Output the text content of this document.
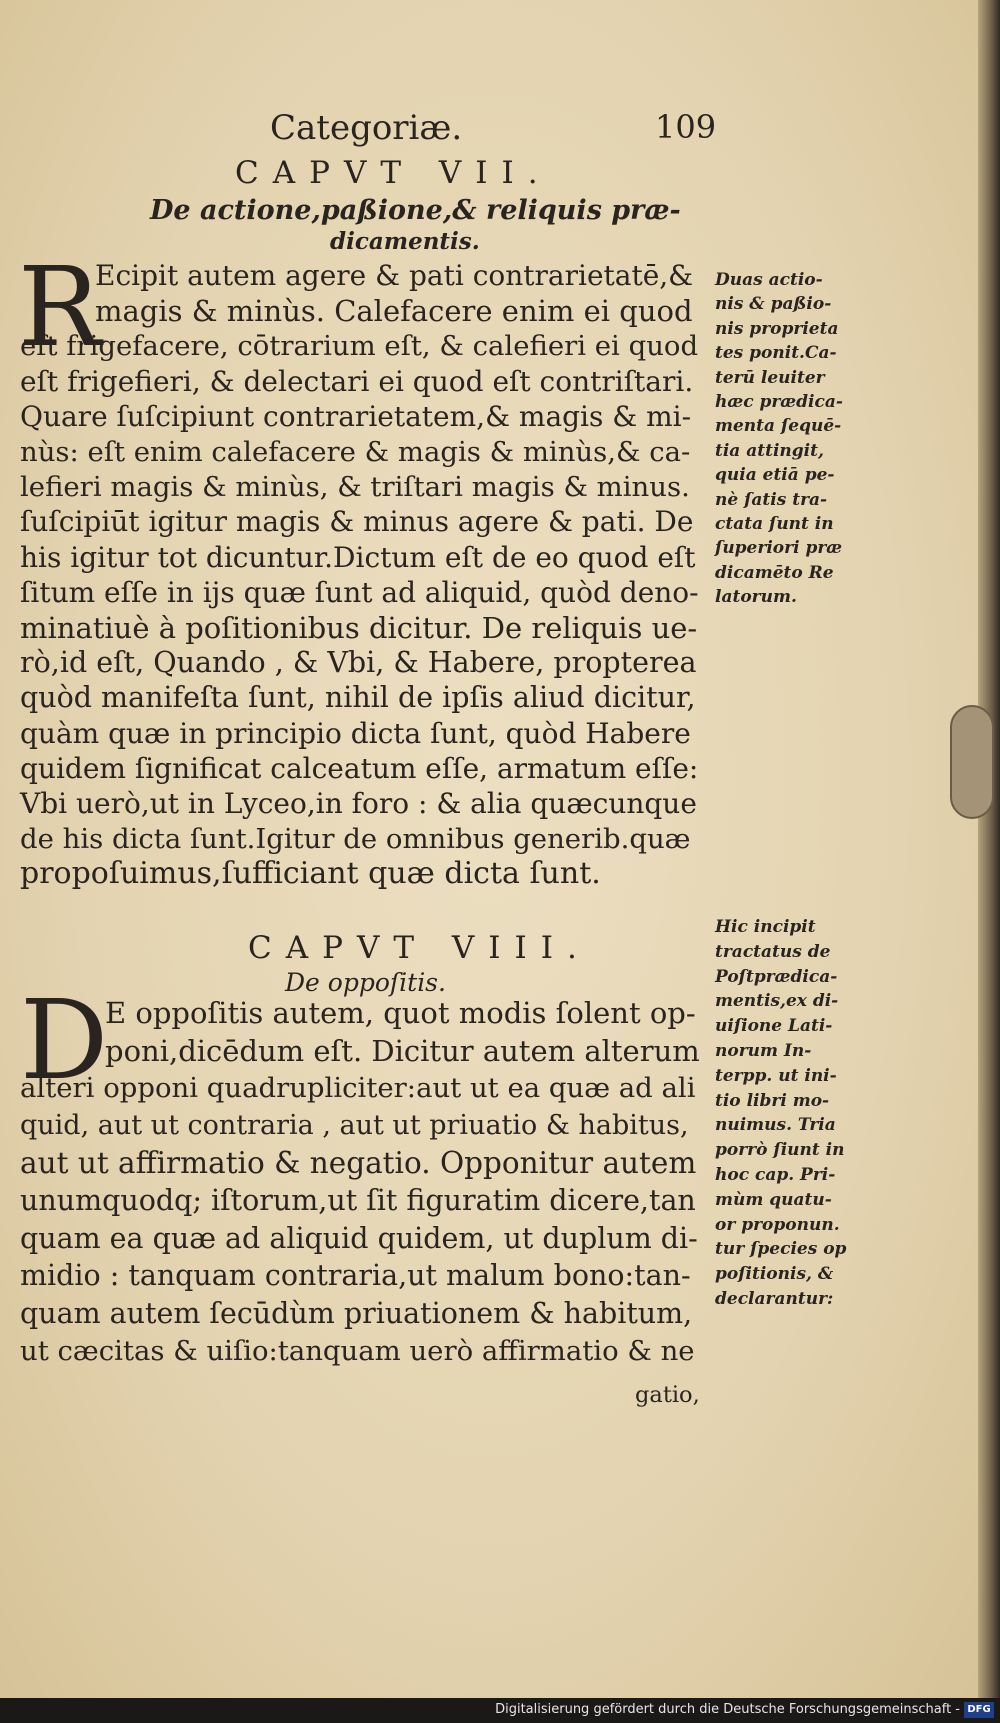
Categoriæ.	109
CAPVT VII.
De actione,paßione,& reliquis præ-
dicamentis.
R
Ecipit autem agere & pati contrarietatē,&
magis & minùs. Calefacere enim ei quod
eſt frigefacere, cōtrarium eſt, & calefieri ei quod
eſt frigefieri, & delectari ei quod eſt contriſtari.
Quare ſuſcipiunt contrarietatem,& magis & mi-
nùs: eſt enim calefacere & magis & minùs,& ca-
lefieri magis & minùs, & triſtari magis & minus.
ſuſcipiūt igitur magis & minus agere & pati. De
his igitur tot dicuntur.Dictum eſt de eo quod eſt
ſitum eſſe in ijs quæ ſunt ad aliquid, quòd deno-
minatiuè à poſitionibus dicitur. De reliquis ue-
rò,id eſt, Quando , & Vbi, & Habere, propterea
quòd manifeſta ſunt, nihil de ipſis aliud dicitur,
quàm quæ in principio dicta ſunt, quòd Habere
quidem ſignificat calceatum eſſe, armatum eſſe:
Vbi uerò,ut in Lyceo,in foro : & alia quæcunque
de his dicta ſunt.Igitur de omnibus generib.quæ
propoſuimus,ſufficiant quæ dicta ſunt.
Duas actio-
nis & paßio-
nis proprieta
tes ponit.Ca-
terū leuiter
hæc prædica-
menta ſequē-
tia attingit,
quia etiā pe-
nè ſatis tra-
ctata ſunt in
ſuperiori præ
dicamēto Re
latorum.
CAPVT VIII.
De oppoſitis.
D
E oppoſitis autem, quot modis ſolent op-
poni,dicēdum eſt. Dicitur autem alterum
alteri opponi quadrupliciter:aut ut ea quæ ad ali
quid, aut ut contraria , aut ut priuatio & habitus,
aut ut affirmatio & negatio. Opponitur autem
unumquodq; iſtorum,ut ſit figuratim dicere,tan
quam ea quæ ad aliquid quidem, ut duplum di-
midio : tanquam contraria,ut malum bono:tan-
quam autem ſecūdùm priuationem & habitum,
ut cæcitas & uiſio:tanquam uerò affirmatio & ne
Hic incipit
tractatus de
Poſtprædica-
mentis,ex di-
uiſione Lati-
norum In-
terpp. ut ini-
tio libri mo-
nuimus. Tria
porrò ſiunt in
hoc cap. Pri-
mùm quatu-
or proponun.
tur ſpecies op
poſitionis, &
declarantur:
gatio,
Digitalisierung gefördert durch die Deutsche Forschungsgemeinschaft - DFG
